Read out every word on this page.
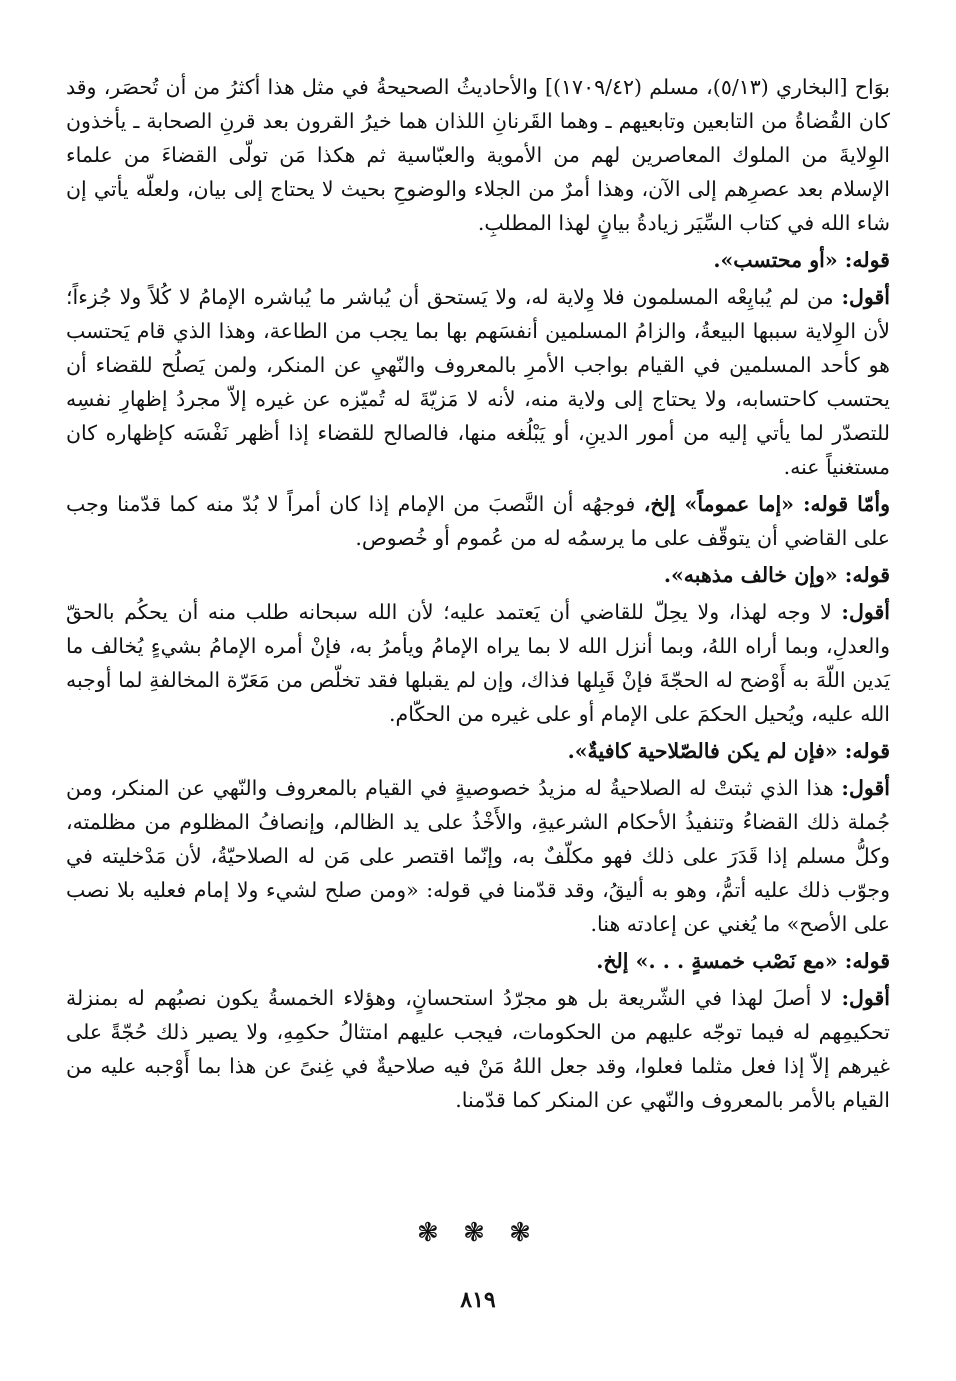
بوَاح [البخاري (٥/١٣)، مسلم (١٧٠٩/٤٢)] والأحاديثُ الصحيحةُ في مثل هذا أكثرُ من أن تُحصَر، وقد كان القُضاةُ من التابعين وتابعيهم ـ وهما القَرنانِ اللذان هما خيرُ القرون بعد قرنِ الصحابة ـ يأخذون الوِلايةَ من الملوك المعاصرين لهم من الأموية والعبّاسية ثم هكذا مَن تولّى القضاءَ من علماء الإسلام بعد عصرِهم إلى الآن، وهذا أمرٌ من الجلاء والوضوحِ بحيث لا يحتاج إلى بيان، ولعلّه يأتي إن شاء الله في كتاب السِّيَر زيادةُ بيانٍ لهذا المطلبِ.

قوله: «أو محتسب».

أقول: من لم يُبايِعْه المسلمون فلا وِلاية له، ولا يَستحق أن يُباشر ما يُباشره الإمامُ لا كُلاً ولا جُزءاً؛ لأن الوِلاية سببها البيعةُ، والزامُ المسلمين أنفسَهم بها بما يجب من الطاعة، وهذا الذي قام يَحتسب هو كأحد المسلمين في القيام بواجب الأمرِ بالمعروف والنّهيِ عن المنكر، ولمن يَصلُح للقضاء أن يحتسب كاحتسابه، ولا يحتاج إلى ولاية منه، لأنه لا مَزيّةَ له تُميّزه عن غيره إلاّ مجردُ إظهارِ نفسِه للتصدّر لما يأتي إليه من أمور الدينِ، أو يَبْلُغه منها، فالصالح للقضاء إذا أظهر نَفْسَه كإظهاره كان مستغنياً عنه.

وأمّا قوله: «إما عموماً» إلخ، فوجهُه أن النَّصبَ من الإمام إذا كان أمراً لا بُدّ منه كما قدّمنا وجب على القاضي أن يتوقّف على ما يرسمُه له من عُموم أو خُصوص.

قوله: «وإن خالف مذهبه».

أقول: لا وجه لهذا، ولا يحِلّ للقاضي أن يَعتمد عليه؛ لأن الله سبحانه طلب منه أن يحكُم بالحقّ والعدلِ، وبما أراه اللهُ، وبما أنزل الله لا بما يراه الإمامُ ويأمرُ به، فإنْ أمره الإمامُ بشيءٍ يُخالف ما يَدين اللّهَ به أَوْضح له الحجّةَ فإنْ قَبِلها فذاك، وإن لم يقبلها فقد تخلّص من مَعَرّة المخالفةِ لما أوجبه الله عليه، ويُحيل الحكمَ على الإمام أو على غيره من الحكّام.

قوله: «فإن لم يكن فالصّلاحية كافيةٌ».

أقول: هذا الذي ثبتتْ له الصلاحيةُ له مزيدُ خصوصيةٍ في القيام بالمعروف والنّهي عن المنكر، ومن جُملة ذلك القضاءُ وتنفيذُ الأحكام الشرعيةِ، والأَخْذُ على يد الظالم، وإنصافُ المظلوم من مظلمته، وكلُّ مسلم إذا قَدَرَ على ذلك فهو مكلّفٌ به، وإنّما اقتصر على مَن له الصلاحيّةُ، لأن مَدْخليته في وجوّب ذلك عليه أتمُّ، وهو به أليقُ، وقد قدّمنا في قوله: «ومن صلح لشيء ولا إمام فعليه بلا نصب على الأصح» ما يُغني عن إعادته هنا.

قوله: «مع نَصْب خمسةٍ . . .» إلخ.

أقول: لا أصلَ لهذا في الشّريعة بل هو مجرّدُ استحسانٍ، وهؤلاء الخمسةُ يكون نصبُهم له بمنزلة تحكيمِهم له فيما توجّه عليهم من الحكومات، فيجب عليهم امتثالُ حكمِهِ، ولا يصير ذلك حُجّةً على غيرهم إلاّ إذا فعل مثلما فعلوا، وقد جعل اللهُ مَنْ فيه صلاحيةٌ في غِنىً عن هذا بما أَوْجبه عليه من القيام بالأمر بالمعروف والنّهي عن المنكر كما قدّمنا.

❃ ❃ ❃
٨١٩
